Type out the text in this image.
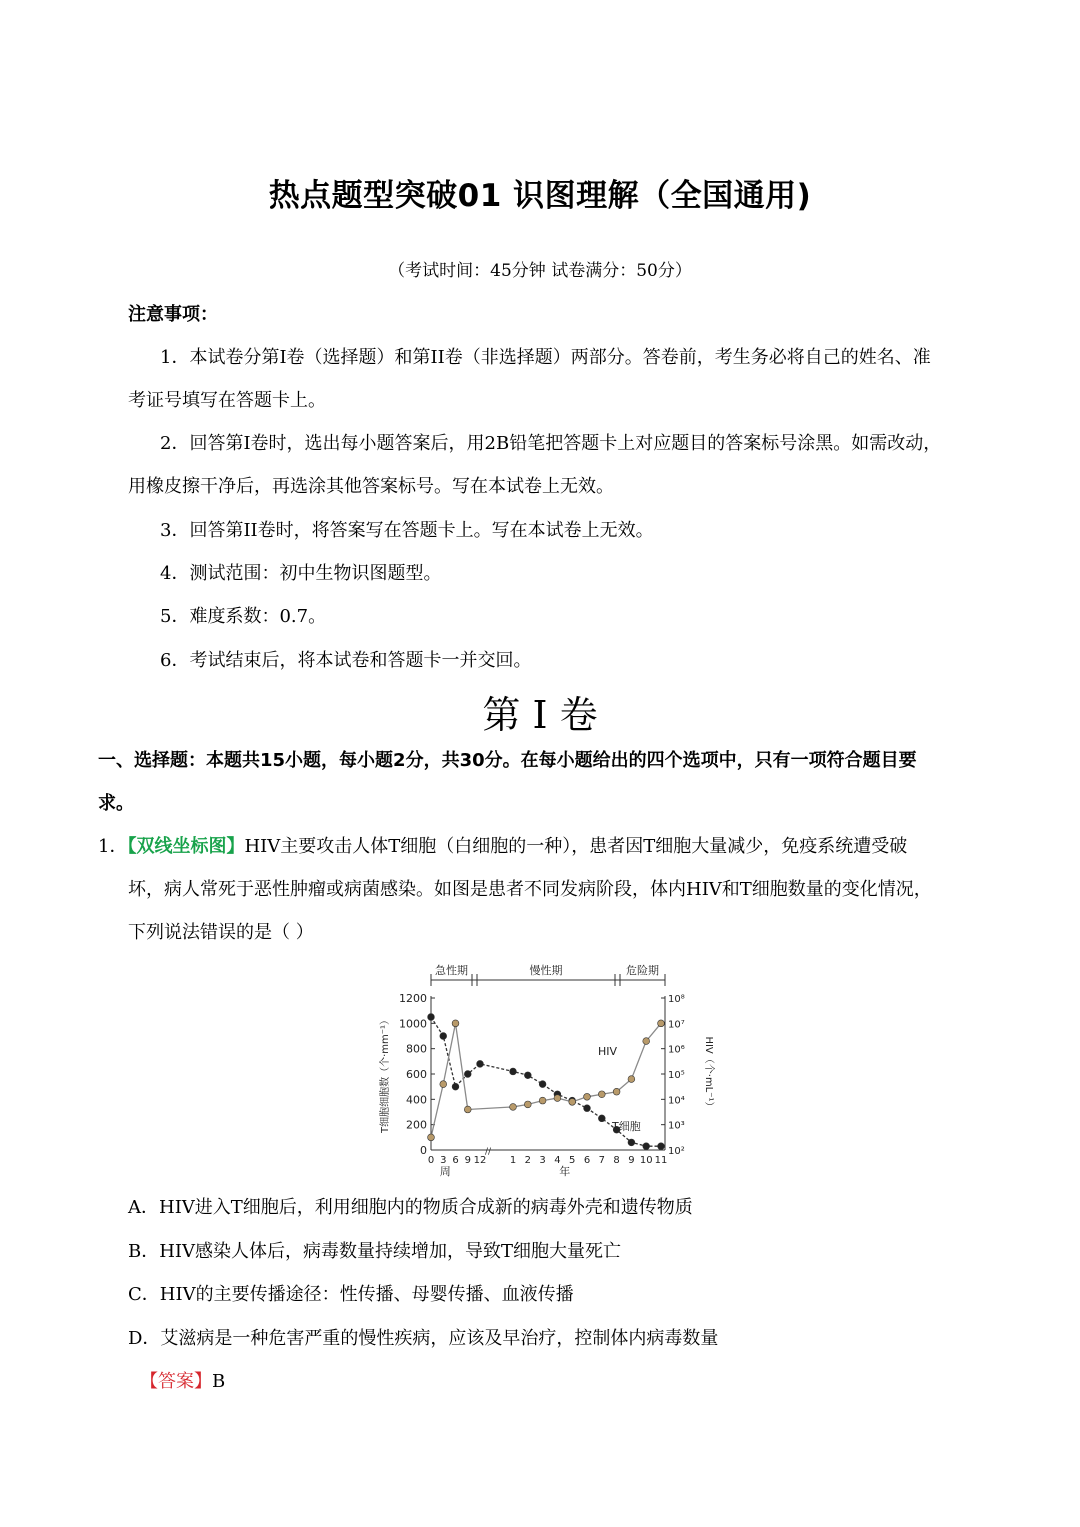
热点题型突破01 识图理解（全国通用)
（考试时间：45分钟 试卷满分：50分）
注意事项：
1．本试卷分第I卷（选择题）和第II卷（非选择题）两部分。答卷前，考生务必将自己的姓名、准
考证号填写在答题卡上。
2．回答第I卷时，选出每小题答案后，用2B铅笔把答题卡上对应题目的答案标号涂黑。如需改动，
用橡皮擦干净后，再选涂其他答案标号。写在本试卷上无效。
3．回答第II卷时，将答案写在答题卡上。写在本试卷上无效。
4．测试范围：初中生物识图题型。
5．难度系数：0.7。
6．考试结束后，将本试卷和答题卡一并交回。
第 I 卷
一、选择题：本题共15小题，每小题2分，共30分。在每小题给出的四个选项中，只有一项符合题目要
求。
1．【双线坐标图】HIV主要攻击人体T细胞（白细胞的一种），患者因T细胞大量减少，免疫系统遭受破
坏，病人常死于恶性肿瘤或病菌感染。如图是患者不同发病阶段，体内HIV和T细胞数量的变化情况，
下列说法错误的是（ ）
急性期	慢性期	危险期
//
0
200
400
600
800
1000
1200
10²
10³
10⁴
10⁵
10⁶
10⁷
10⁸
0 3 6 9 12 1 2 3 4 5 6 7 8 9 10 11
周	年
T细胞细胞数（个·mm⁻¹）	HIV（个·mL⁻¹）
HIV
T细胞
A．HIV进入T细胞后，利用细胞内的物质合成新的病毒外壳和遗传物质
B．HIV感染人体后，病毒数量持续增加，导致T细胞大量死亡
C．HIV的主要传播途径：性传播、母婴传播、血液传播
D．艾滋病是一种危害严重的慢性疾病，应该及早治疗，控制体内病毒数量
【答案】B
